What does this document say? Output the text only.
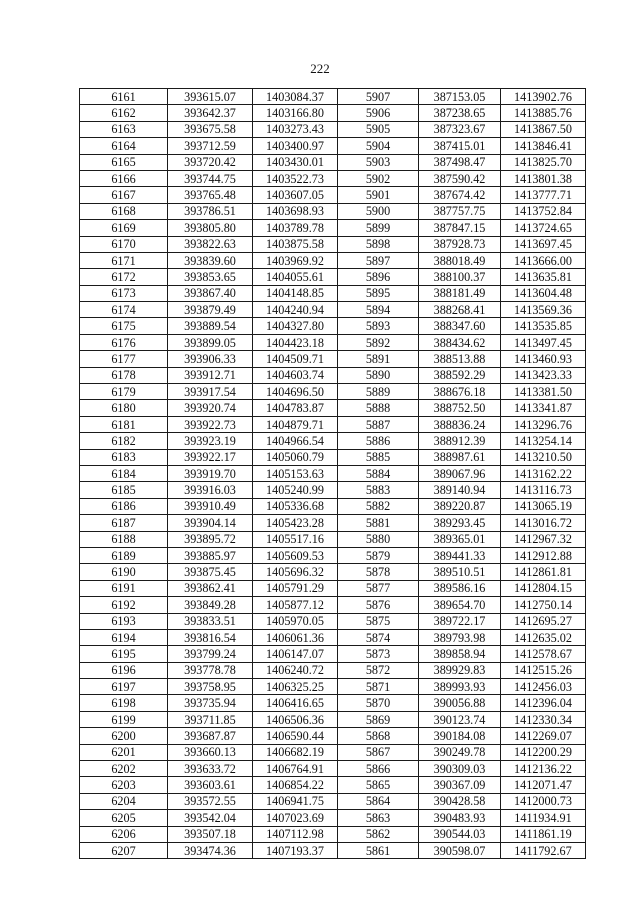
222
6161	393615.07	1403084.37	5907	387153.05	1413902.76
6162	393642.37	1403166.80	5906	387238.65	1413885.76
6163	393675.58	1403273.43	5905	387323.67	1413867.50
6164	393712.59	1403400.97	5904	387415.01	1413846.41
6165	393720.42	1403430.01	5903	387498.47	1413825.70
6166	393744.75	1403522.73	5902	387590.42	1413801.38
6167	393765.48	1403607.05	5901	387674.42	1413777.71
6168	393786.51	1403698.93	5900	387757.75	1413752.84
6169	393805.80	1403789.78	5899	387847.15	1413724.65
6170	393822.63	1403875.58	5898	387928.73	1413697.45
6171	393839.60	1403969.92	5897	388018.49	1413666.00
6172	393853.65	1404055.61	5896	388100.37	1413635.81
6173	393867.40	1404148.85	5895	388181.49	1413604.48
6174	393879.49	1404240.94	5894	388268.41	1413569.36
6175	393889.54	1404327.80	5893	388347.60	1413535.85
6176	393899.05	1404423.18	5892	388434.62	1413497.45
6177	393906.33	1404509.71	5891	388513.88	1413460.93
6178	393912.71	1404603.74	5890	388592.29	1413423.33
6179	393917.54	1404696.50	5889	388676.18	1413381.50
6180	393920.74	1404783.87	5888	388752.50	1413341.87
6181	393922.73	1404879.71	5887	388836.24	1413296.76
6182	393923.19	1404966.54	5886	388912.39	1413254.14
6183	393922.17	1405060.79	5885	388987.61	1413210.50
6184	393919.70	1405153.63	5884	389067.96	1413162.22
6185	393916.03	1405240.99	5883	389140.94	1413116.73
6186	393910.49	1405336.68	5882	389220.87	1413065.19
6187	393904.14	1405423.28	5881	389293.45	1413016.72
6188	393895.72	1405517.16	5880	389365.01	1412967.32
6189	393885.97	1405609.53	5879	389441.33	1412912.88
6190	393875.45	1405696.32	5878	389510.51	1412861.81
6191	393862.41	1405791.29	5877	389586.16	1412804.15
6192	393849.28	1405877.12	5876	389654.70	1412750.14
6193	393833.51	1405970.05	5875	389722.17	1412695.27
6194	393816.54	1406061.36	5874	389793.98	1412635.02
6195	393799.24	1406147.07	5873	389858.94	1412578.67
6196	393778.78	1406240.72	5872	389929.83	1412515.26
6197	393758.95	1406325.25	5871	389993.93	1412456.03
6198	393735.94	1406416.65	5870	390056.88	1412396.04
6199	393711.85	1406506.36	5869	390123.74	1412330.34
6200	393687.87	1406590.44	5868	390184.08	1412269.07
6201	393660.13	1406682.19	5867	390249.78	1412200.29
6202	393633.72	1406764.91	5866	390309.03	1412136.22
6203	393603.61	1406854.22	5865	390367.09	1412071.47
6204	393572.55	1406941.75	5864	390428.58	1412000.73
6205	393542.04	1407023.69	5863	390483.93	1411934.91
6206	393507.18	1407112.98	5862	390544.03	1411861.19
6207	393474.36	1407193.37	5861	390598.07	1411792.67
